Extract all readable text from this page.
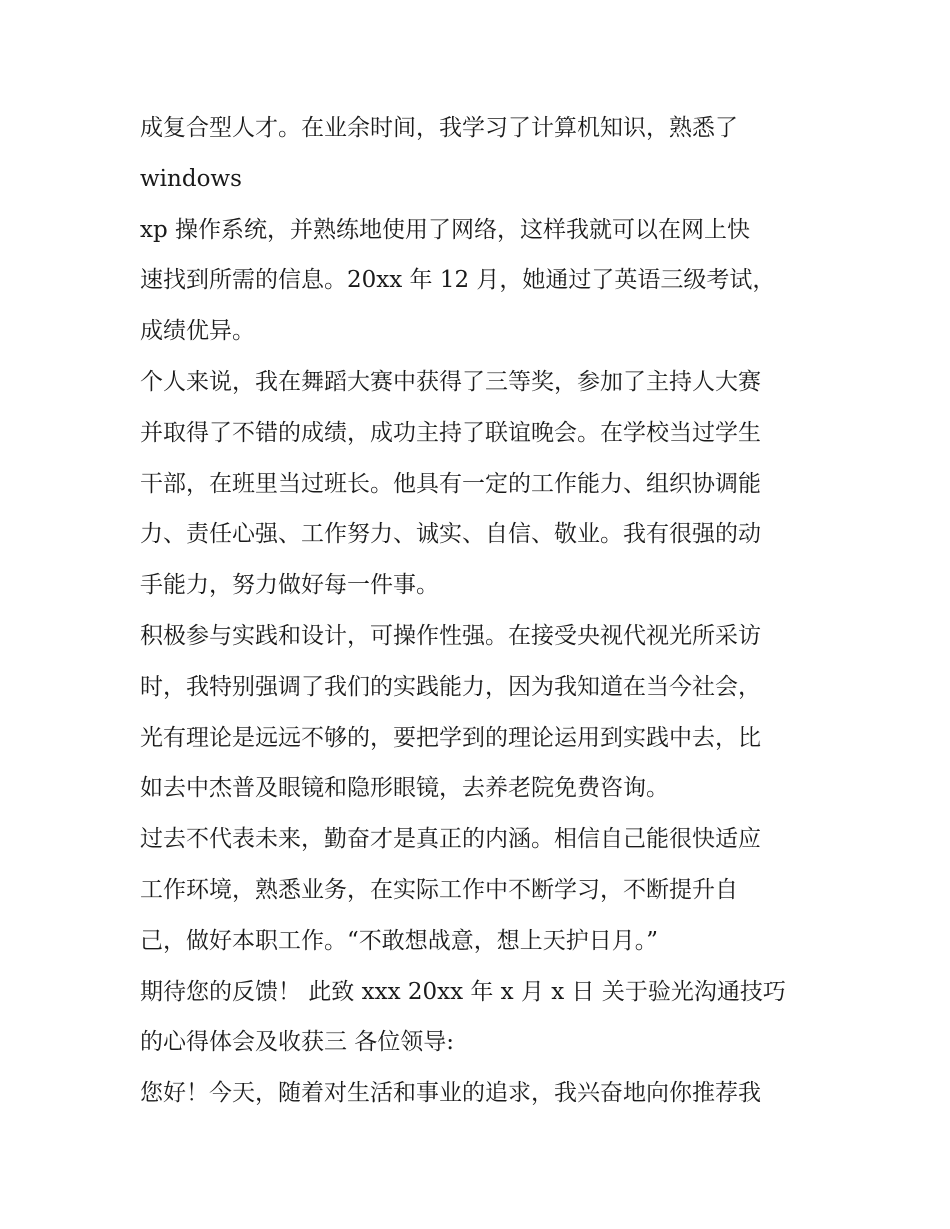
成复合型人才。在业余时间，我学习了计算机知识，熟悉了
windows
xp 操作系统，并熟练地使用了网络，这样我就可以在网上快
速找到所需的信息。20xx 年 12 月，她通过了英语三级考试，
成绩优异。
个人来说，我在舞蹈大赛中获得了三等奖，参加了主持人大赛
并取得了不错的成绩，成功主持了联谊晚会。在学校当过学生
干部，在班里当过班长。他具有一定的工作能力、组织协调能
力、责任心强、工作努力、诚实、自信、敬业。我有很强的动
手能力，努力做好每一件事。
积极参与实践和设计，可操作性强。在接受央视代视光所采访
时，我特别强调了我们的实践能力，因为我知道在当今社会，
光有理论是远远不够的，要把学到的理论运用到实践中去，比
如去中杰普及眼镜和隐形眼镜，去养老院免费咨询。
过去不代表未来，勤奋才是真正的内涵。相信自己能很快适应
工作环境，熟悉业务，在实际工作中不断学习，不断提升自
己，做好本职工作。“不敢想战意，想上天护日月。”
期待您的反馈！ 此致 xxx 20xx 年 x 月 x 日 关于验光沟通技巧
的心得体会及收获三 各位领导:
您好！今天，随着对生活和事业的追求，我兴奋地向你推荐我
